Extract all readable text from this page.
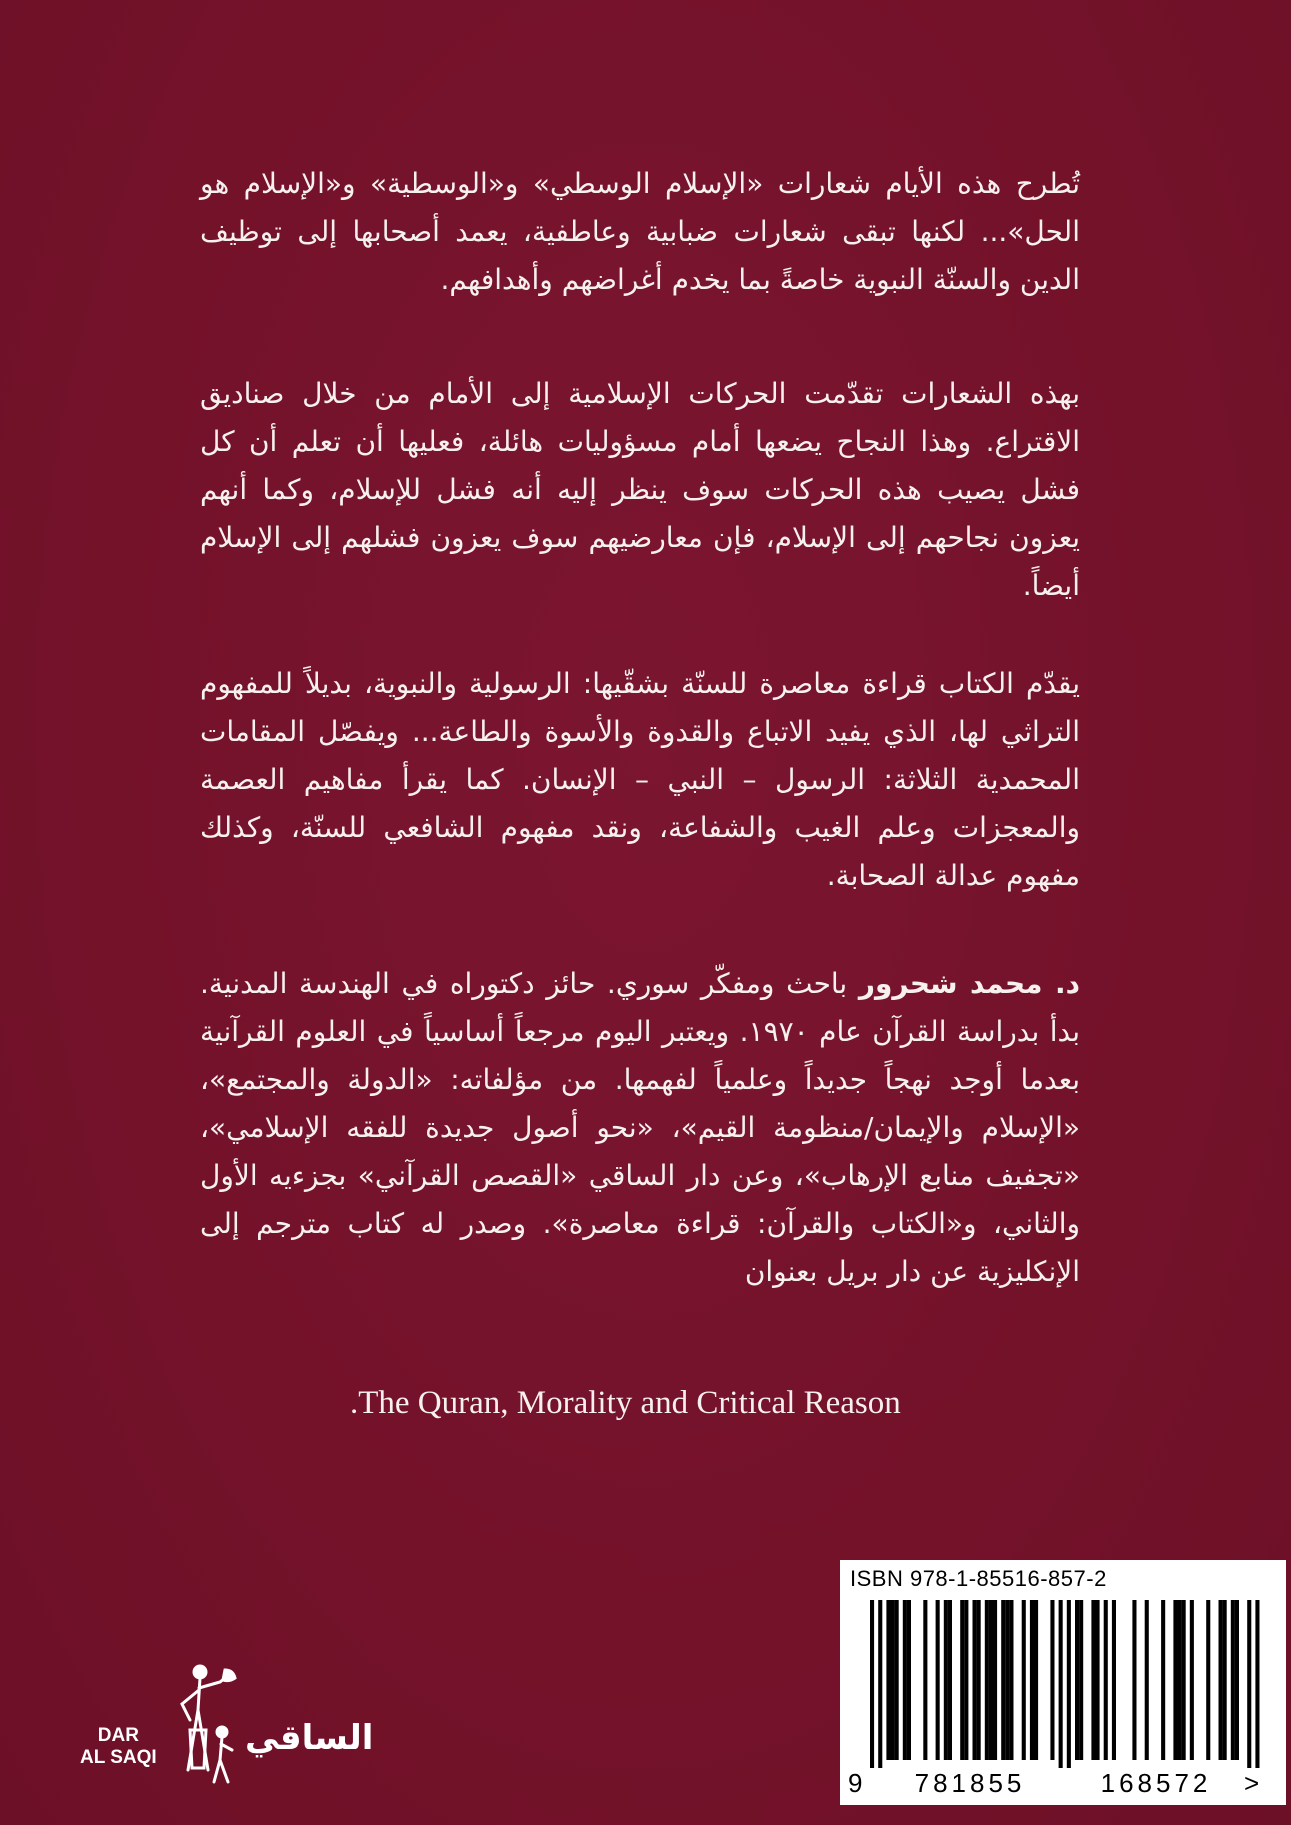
تُطرح هذه الأيام شعارات «الإسلام الوسطي» و«الوسطية» و«الإسلام هو الحل»... لكنها تبقى شعارات ضبابية وعاطفية، يعمد أصحابها إلى توظيف الدين والسنّة النبوية خاصةً بما يخدم أغراضهم وأهدافهم.
بهذه الشعارات تقدّمت الحركات الإسلامية إلى الأمام من خلال صناديق الاقتراع. وهذا النجاح يضعها أمام مسؤوليات هائلة، فعليها أن تعلم أن كل فشل يصيب هذه الحركات سوف ينظر إليه أنه فشل للإسلام، وكما أنهم يعزون نجاحهم إلى الإسلام، فإن معارضيهم سوف يعزون فشلهم إلى الإسلام أيضاً.
يقدّم الكتاب قراءة معاصرة للسنّة بشقّيها: الرسولية والنبوية، بديلاً للمفهوم التراثي لها، الذي يفيد الاتباع والقدوة والأسوة والطاعة... ويفصّل المقامات المحمدية الثلاثة: الرسول – النبي – الإنسان. كما يقرأ مفاهيم العصمة والمعجزات وعلم الغيب والشفاعة، ونقد مفهوم الشافعي للسنّة، وكذلك مفهوم عدالة الصحابة.
د. محمد شحرور باحث ومفكّر سوري. حائز دكتوراه في الهندسة المدنية. بدأ بدراسة القرآن عام ١٩٧٠. ويعتبر اليوم مرجعاً أساسياً في العلوم القرآنية بعدما أوجد نهجاً جديداً وعلمياً لفهمها. من مؤلفاته: «الدولة والمجتمع»، «الإسلام والإيمان/منظومة القيم»، «نحو أصول جديدة للفقه الإسلامي»، «تجفيف منابع الإرهاب»، وعن دار الساقي «القصص القرآني» بجزءيه الأول والثاني، و«الكتاب والقرآن: قراءة معاصرة». وصدر له كتاب مترجم إلى الإنكليزية عن دار بريل بعنوان
.The Quran, Morality and Critical Reason
DAR
AL SAQI	الساقي
ISBN 978-1-85516-857-2
9	781855	168572	>
